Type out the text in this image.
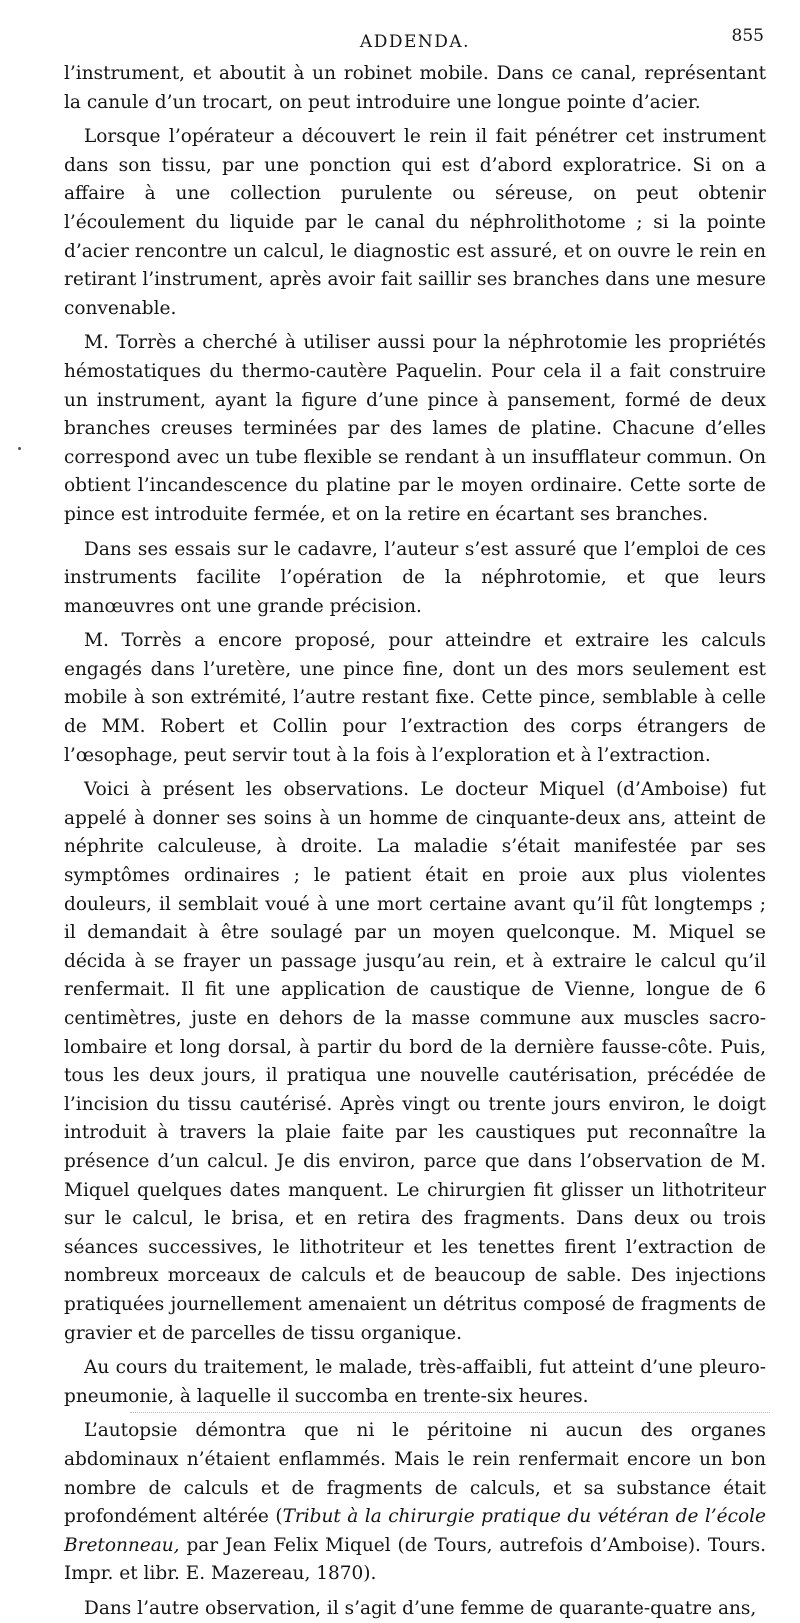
ADDENDA.	855

l’instrument, et aboutit à un robinet mobile. Dans ce canal, représentant la canule d’un trocart, on peut introduire une longue pointe d’acier.

Lorsque l’opérateur a découvert le rein il fait pénétrer cet instrument dans son tissu, par une ponction qui est d’abord exploratrice. Si on a affaire à une collection purulente ou séreuse, on peut obtenir l’écoulement du liquide par le canal du néphrolithotome ; si la pointe d’acier rencontre un calcul, le diagnostic est assuré, et on ouvre le rein en retirant l’instrument, après avoir fait saillir ses branches dans une mesure convenable.

M. Torrès a cherché à utiliser aussi pour la néphrotomie les propriétés hémostatiques du thermo-cautère Paquelin. Pour cela il a fait construire un instrument, ayant la figure d’une pince à pansement, formé de deux branches creuses terminées par des lames de platine. Chacune d’elles correspond avec un tube flexible se rendant à un insufflateur commun. On obtient l’incandescence du platine par le moyen ordinaire. Cette sorte de pince est introduite fermée, et on la retire en écartant ses branches.

Dans ses essais sur le cadavre, l’auteur s’est assuré que l’emploi de ces instruments facilite l’opération de la néphrotomie, et que leurs manœuvres ont une grande précision.

M. Torrès a encore proposé, pour atteindre et extraire les calculs engagés dans l’uretère, une pince fine, dont un des mors seulement est mobile à son extrémité, l’autre restant fixe. Cette pince, semblable à celle de MM. Robert et Collin pour l’extraction des corps étrangers de l’œsophage, peut servir tout à la fois à l’exploration et à l’extraction.

Voici à présent les observations. Le docteur Miquel (d’Amboise) fut appelé à donner ses soins à un homme de cinquante-deux ans, atteint de néphrite calculeuse, à droite. La maladie s’était manifestée par ses symptômes ordinaires ; le patient était en proie aux plus violentes douleurs, il semblait voué à une mort certaine avant qu’il fût longtemps ; il demandait à être soulagé par un moyen quelconque. M. Miquel se décida à se frayer un passage jusqu’au rein, et à extraire le calcul qu’il renfermait. Il fit une application de caustique de Vienne, longue de 6 centimètres, juste en dehors de la masse commune aux muscles sacro-lombaire et long dorsal, à partir du bord de la dernière fausse-côte. Puis, tous les deux jours, il pratiqua une nouvelle cautérisation, précédée de l’incision du tissu cautérisé. Après vingt ou trente jours environ, le doigt introduit à travers la plaie faite par les caustiques put reconnaître la présence d’un calcul. Je dis environ, parce que dans l’observation de M. Miquel quelques dates manquent. Le chirurgien fit glisser un lithotriteur sur le calcul, le brisa, et en retira des fragments. Dans deux ou trois séances successives, le lithotriteur et les tenettes firent l’extraction de nombreux morceaux de calculs et de beaucoup de sable. Des injections pratiquées journellement amenaient un détritus composé de fragments de gravier et de parcelles de tissu organique.

Au cours du traitement, le malade, très-affaibli, fut atteint d’une pleuro-pneumonie, à laquelle il succomba en trente-six heures.

L’autopsie démontra que ni le péritoine ni aucun des organes abdominaux n’étaient enflammés. Mais le rein renfermait encore un bon nombre de calculs et de fragments de calculs, et sa substance était profondément altérée (Tribut à la chirurgie pratique du vétéran de l’école Bretonneau, par Jean Felix Miquel (de Tours, autrefois d’Amboise). Tours. Impr. et libr. E. Mazereau, 1870).

Dans l’autre observation, il s’agit d’une femme de quarante-quatre ans,
